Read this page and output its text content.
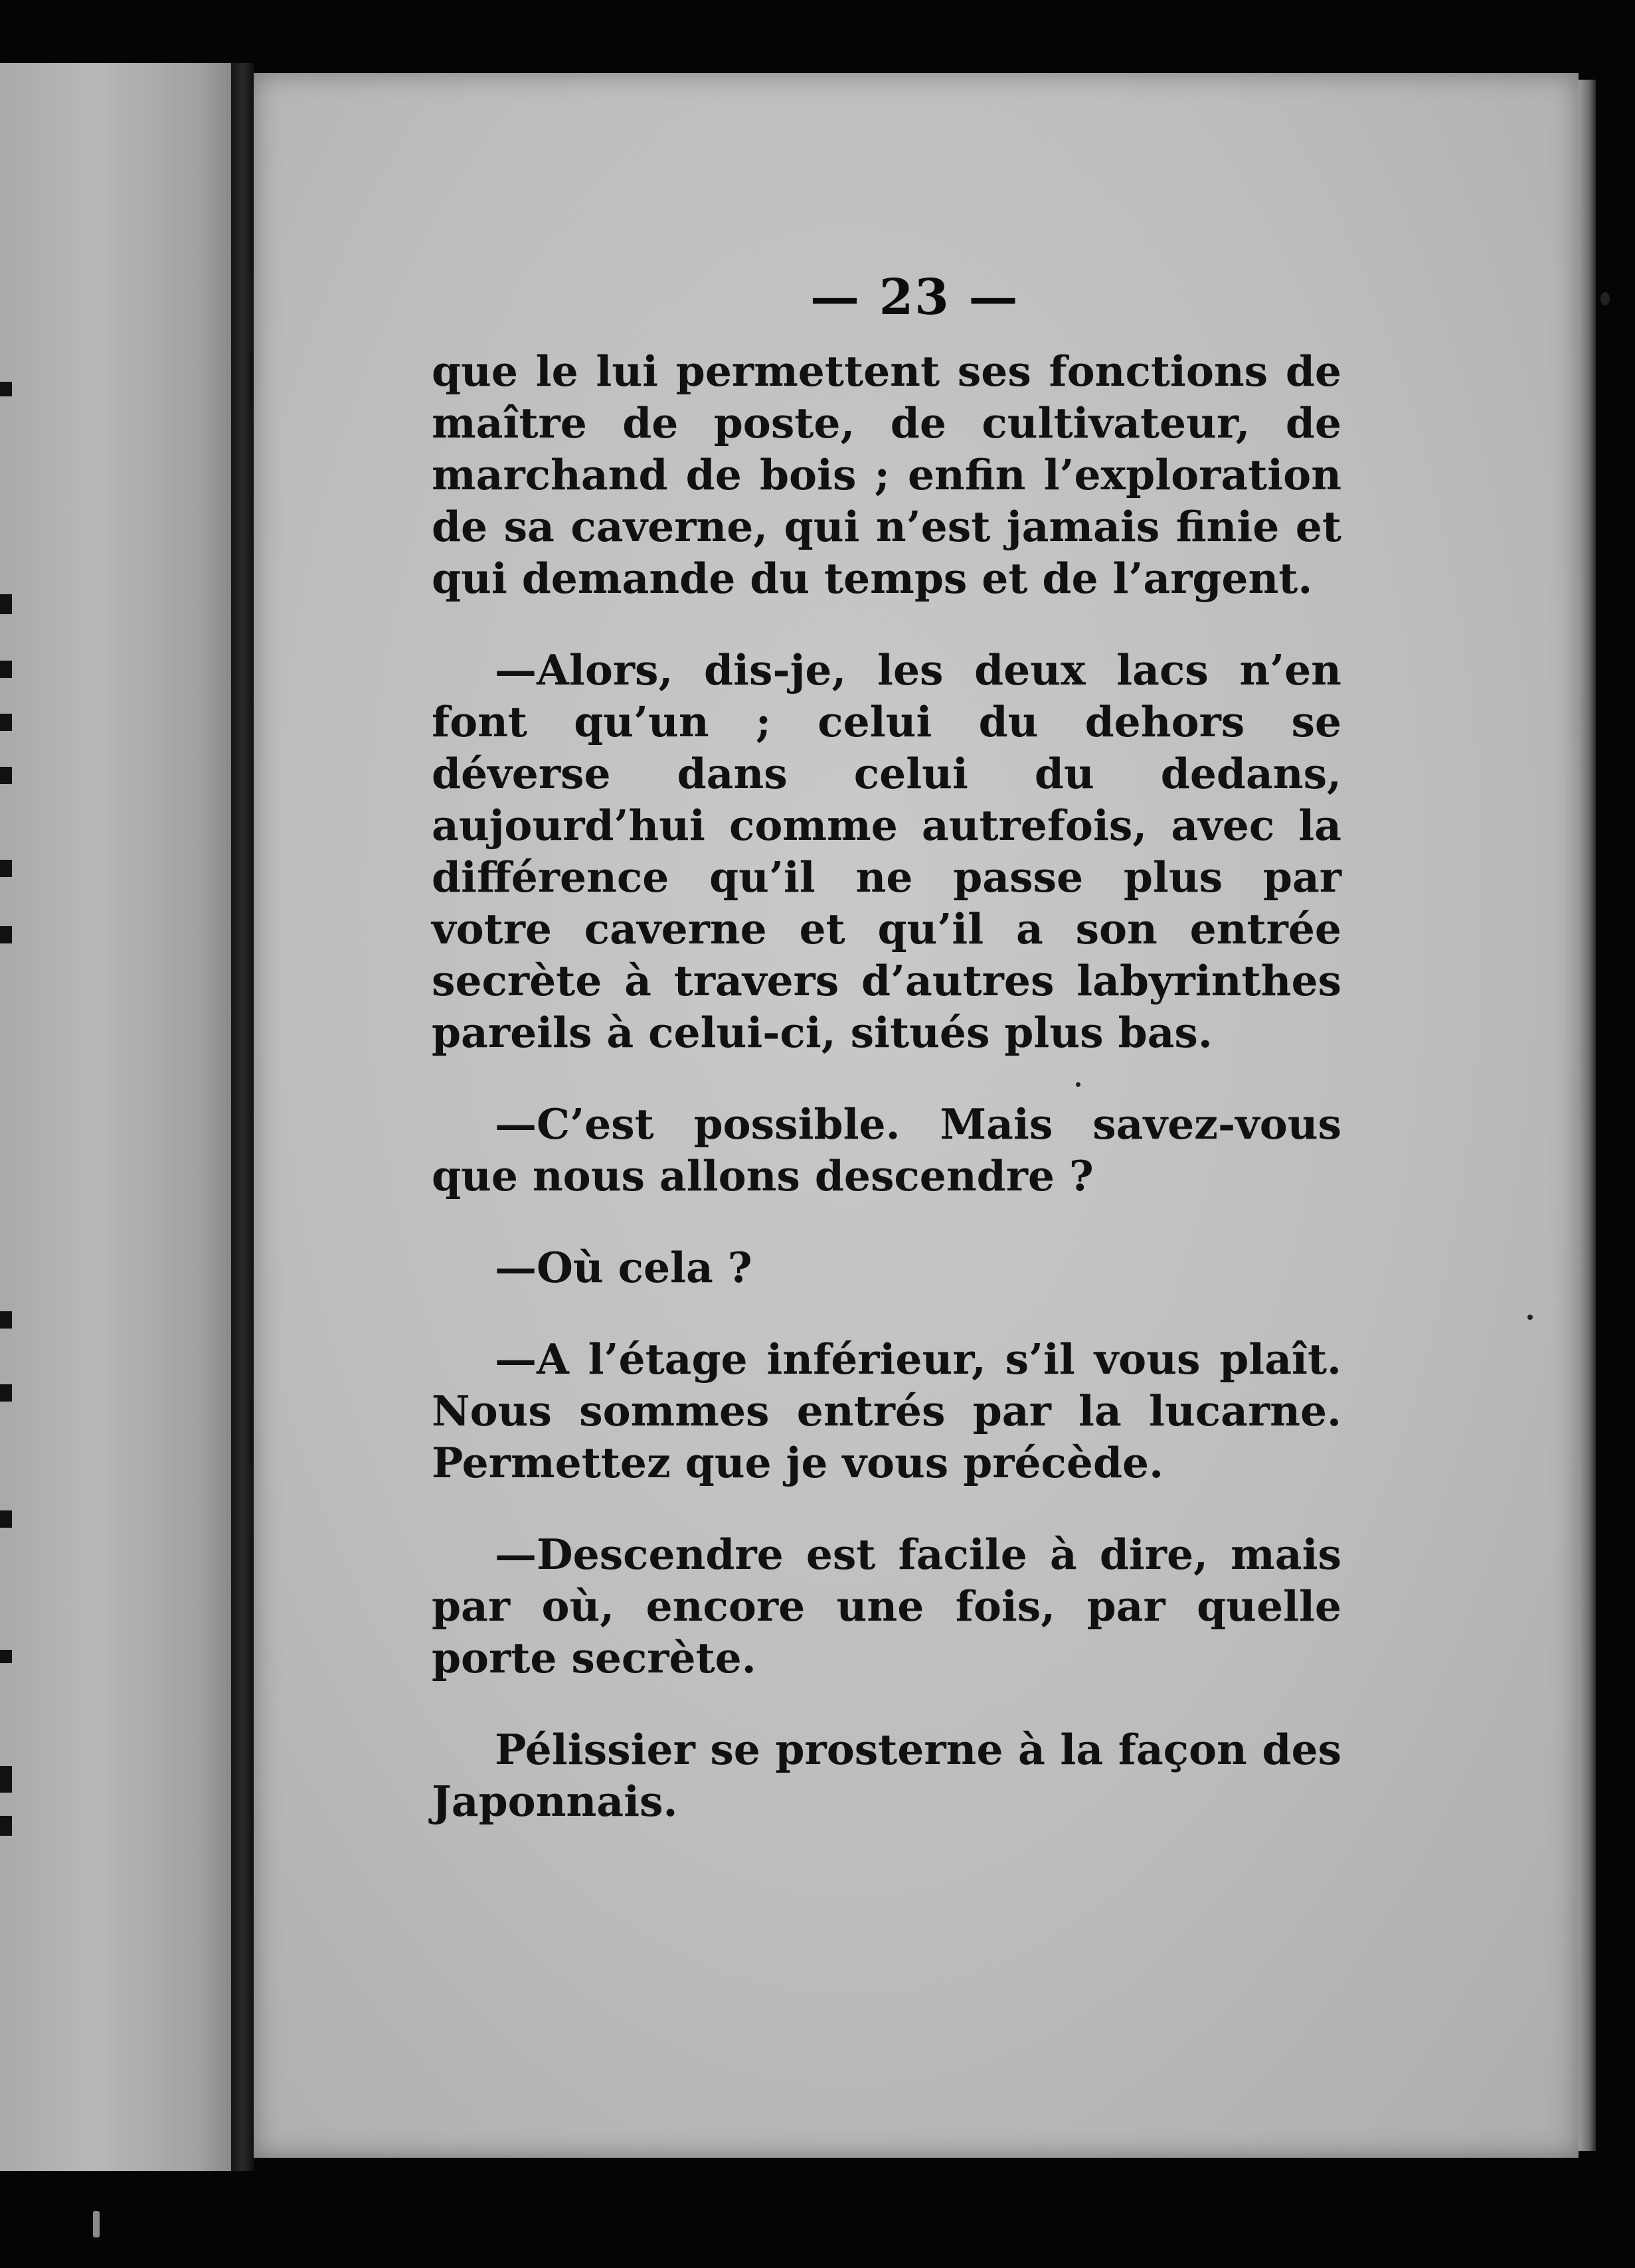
— 23 —

que le lui permettent ses fonctions de maître de poste, de cultivateur, de marchand de bois ; enfin l’exploration de sa caverne, qui n’est jamais finie et qui demande du temps et de l’argent.

—Alors, dis-je, les deux lacs n’en font qu’un ; celui du dehors se déverse dans celui du dedans, aujourd’hui comme autrefois, avec la différence qu’il ne passe plus par votre caverne et qu’il a son entrée secrète à travers d’autres labyrinthes pareils à celui-ci, situés plus bas.

—C’est possible. Mais savez-vous que nous allons descendre ?

—Où cela ?

—A l’étage inférieur, s’il vous plaît. Nous sommes entrés par la lucarne. Permettez que je vous précède.

—Descendre est facile à dire, mais par où, encore une fois, par quelle porte secrète.

Pélissier se prosterne à la façon des Japonnais.
